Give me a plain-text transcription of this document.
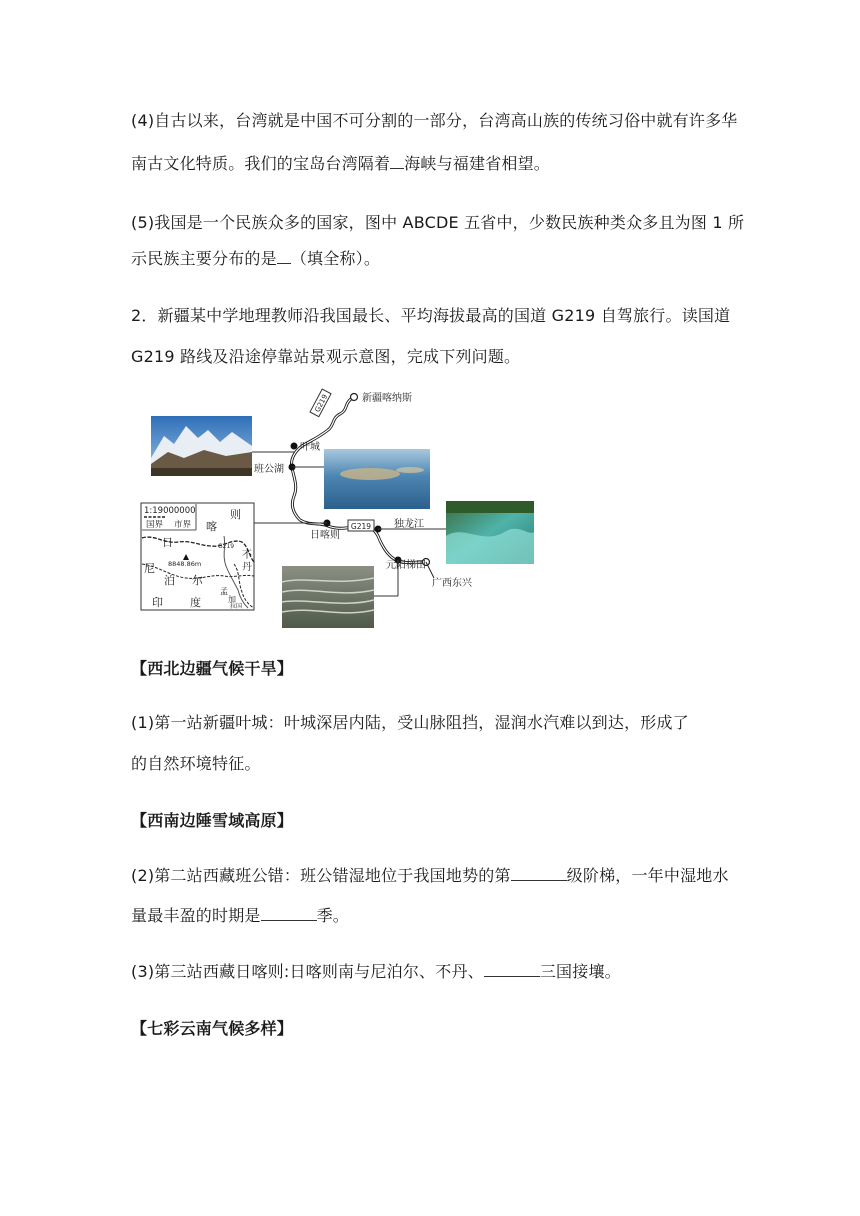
(4)自古以来，台湾就是中国不可分割的一部分，台湾高山族的传统习俗中就有许多华
南古文化特质。我们的宝岛台湾隔着 海峡与福建省相望。
(5)我国是一个民族众多的国家，图中 ABCDE 五省中，少数民族种类众多且为图 1 所
示民族主要分布的是 （填全称）。
2．新疆某中学地理教师沿我国最长、平均海拔最高的国道 G219 自驾旅行。读国道
G219 路线及沿途停靠站景观示意图，完成下列问题。
G219
G219
新疆喀纳斯
叶城
班公湖
日喀则
独龙江
元阳梯田
广西东兴
1:19000000
国界 市界
8848.86m
G219
喀
则
日
不
丹
尼
泊 尔
印 度
孟
加
拉国
【西北边疆气候干旱】
(1)第一站新疆叶城：叶城深居内陆，受山脉阻挡，湿润水汽难以到达，形成了
的自然环境特征。
【西南边陲雪域高原】
(2)第二站西藏班公错：班公错湿地位于我国地势的第	级阶梯，一年中湿地水
量最丰盈的时期是	季。
(3)第三站西藏日喀则:日喀则南与尼泊尔、不丹、	三国接壤。
【七彩云南气候多样】
